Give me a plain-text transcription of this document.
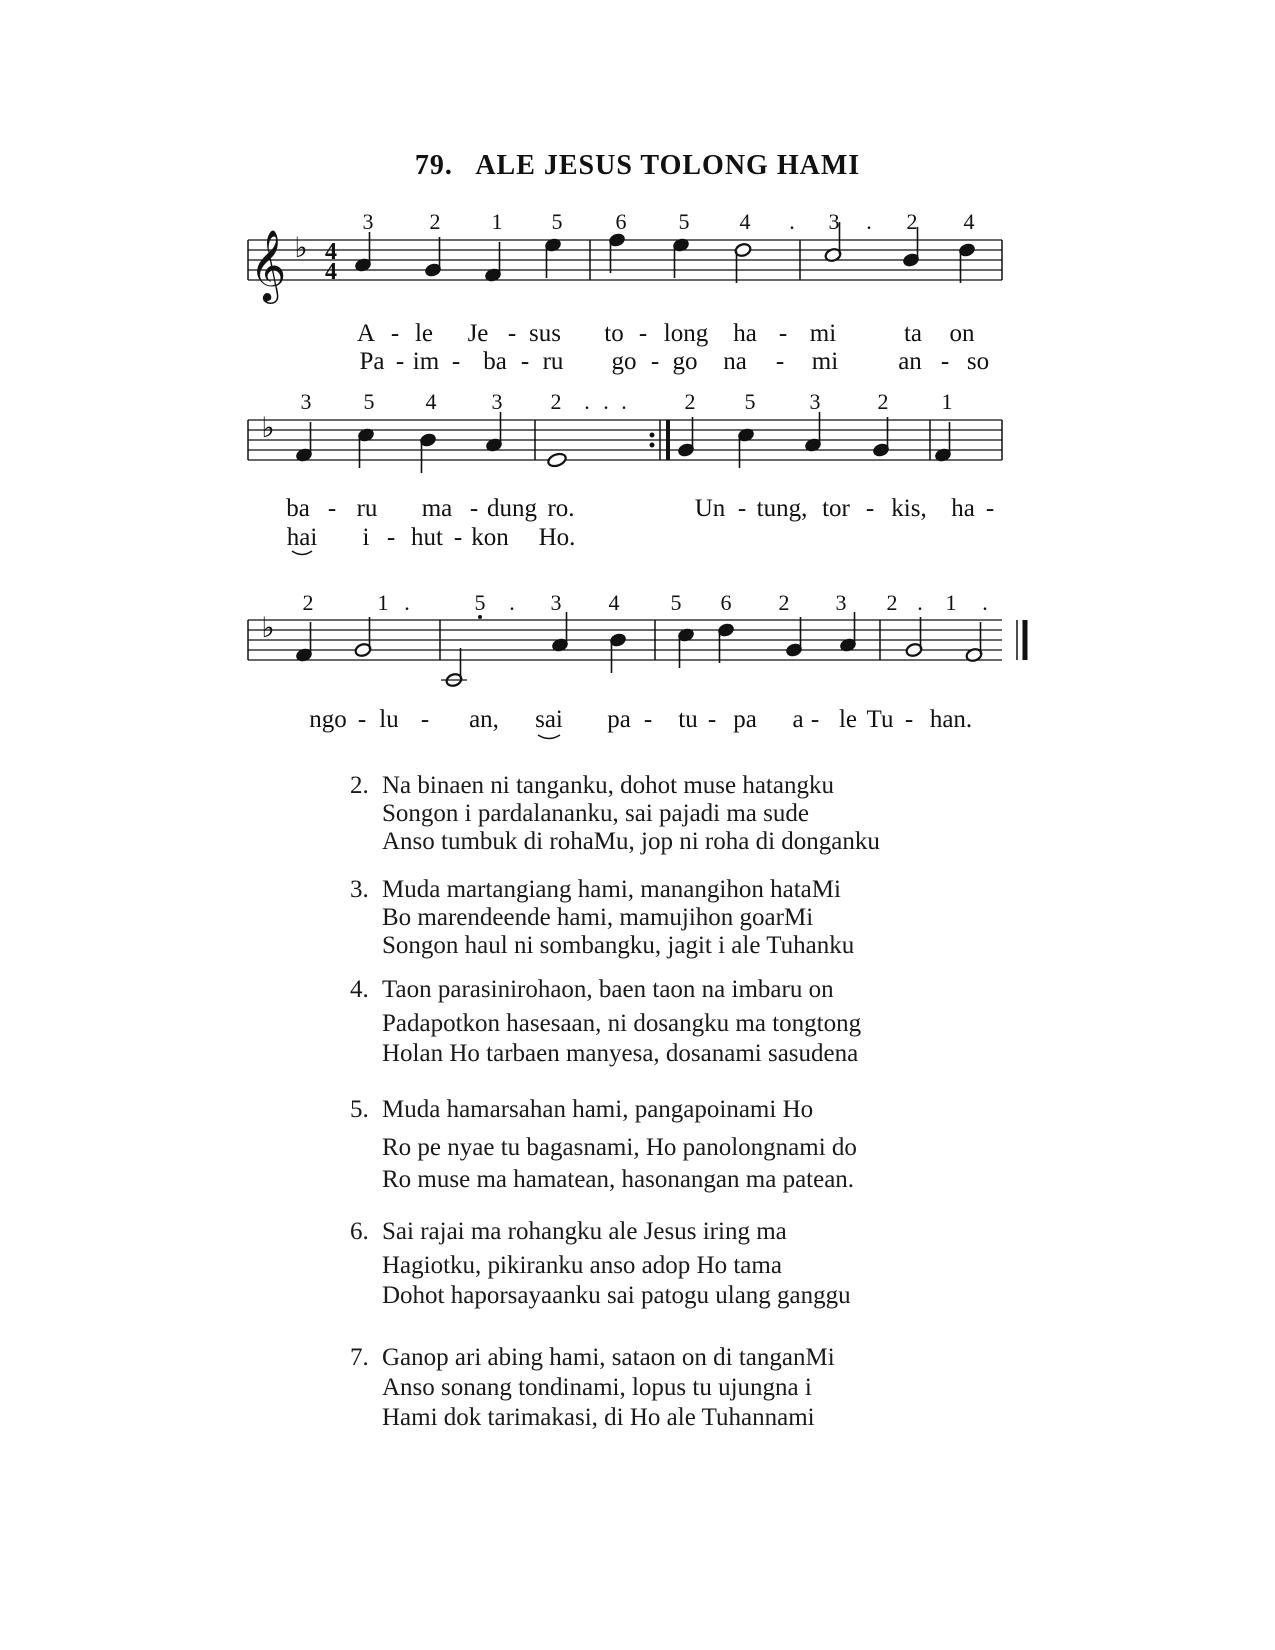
79. ALE JESUS TOLONG HAMI
𝄞 ♭ 4
4
3	2 1 5 6 5 4 . 3 . 2 4
A - le Je - sus to - long ha - mi	ta on
Pa - im - ba - ru go - go na - mi an - so
♭
3 5 4	3 2 . . .	2 5 3	2 1
ba - ru ma - dung ro.	Un - tung, tor - kis, ha -
hai i - hut - kon Ho.
♭
2	1 .	5 . 3 4 5 6 2 3 2 . 1 .
ngo - lu - an, sai pa - tu - pa a - le Tu - han.
2. Na binaen ni tanganku, dohot muse hatangku
Songon i pardalananku, sai pajadi ma sude
Anso tumbuk di rohaMu, jop ni roha di donganku
3. Muda martangiang hami, manangihon hataMi
Bo marendeende hami, mamujihon goarMi
Songon haul ni sombangku, jagit i ale Tuhanku
4. Taon parasinirohaon, baen taon na imbaru on
Padapotkon hasesaan, ni dosangku ma tongtong
Holan Ho tarbaen manyesa, dosanami sasudena
5. Muda hamarsahan hami, pangapoinami Ho
Ro pe nyae tu bagasnami, Ho panolongnami do
Ro muse ma hamatean, hasonangan ma patean.
6. Sai rajai ma rohangku ale Jesus iring ma
Hagiotku, pikiranku anso adop Ho tama
Dohot haporsayaanku sai patogu ulang ganggu
7. Ganop ari abing hami, sataon on di tanganMi
Anso sonang tondinami, lopus tu ujungna i
Hami dok tarimakasi, di Ho ale Tuhannami
